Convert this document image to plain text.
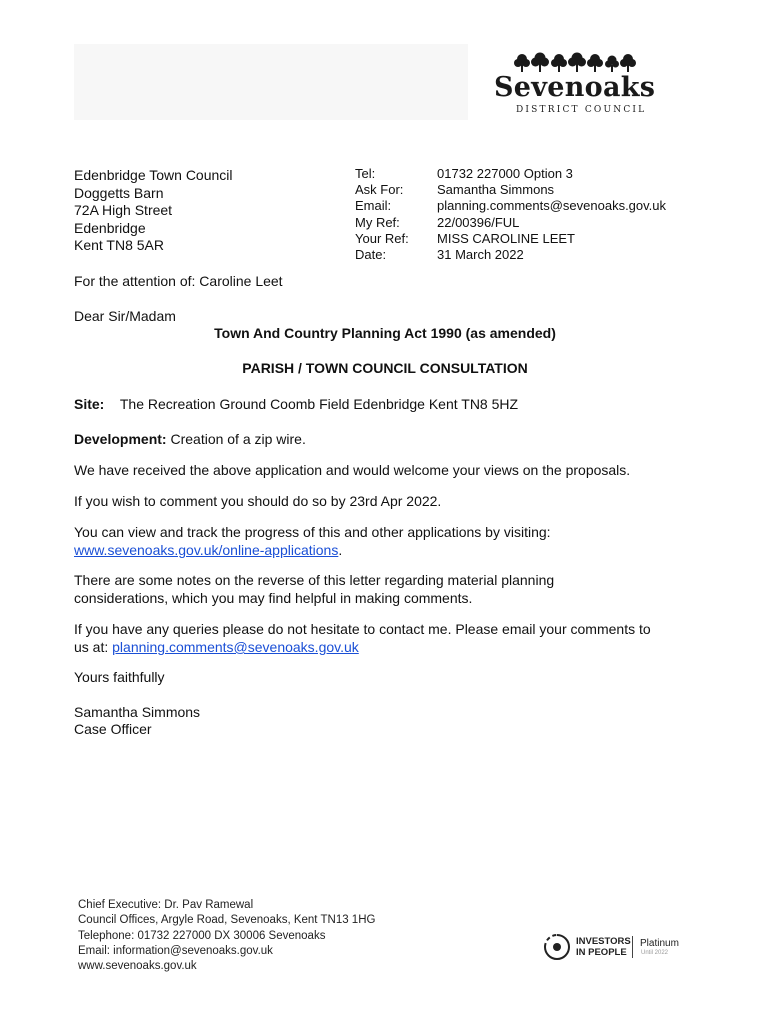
Sevenoaks
DISTRICT COUNCIL
Edenbridge Town Council
Doggetts Barn
72A High Street
Edenbridge
Kent TN8 5AR
Tel:	01732 227000 Option 3
Ask For:	Samantha Simmons
Email:	planning.comments@sevenoaks.gov.uk
My Ref:	22/00396/FUL
Your Ref:	MISS CAROLINE LEET
Date:	31 March 2022
For the attention of: Caroline Leet
Dear Sir/Madam
Town And Country Planning Act 1990 (as amended)
PARISH / TOWN COUNCIL CONSULTATION
Site: The Recreation Ground Coomb Field Edenbridge Kent TN8 5HZ
Development: Creation of a zip wire.
We have received the above application and would welcome your views on the proposals.
If you wish to comment you should do so by 23rd Apr 2022.
You can view and track the progress of this and other applications by visiting:
www.sevenoaks.gov.uk/online-applications.
There are some notes on the reverse of this letter regarding material planning
considerations, which you may find helpful in making comments.
If you have any queries please do not hesitate to contact me. Please email your comments to
us at: planning.comments@sevenoaks.gov.uk
Yours faithfully
Samantha Simmons
Case Officer
Chief Executive: Dr. Pav Ramewal
Council Offices, Argyle Road, Sevenoaks, Kent TN13 1HG
Telephone: 01732 227000 DX 30006 Sevenoaks
Email: information@sevenoaks.gov.uk
www.sevenoaks.gov.uk
INVESTORS
IN PEOPLE
Platinum
Until 2022
